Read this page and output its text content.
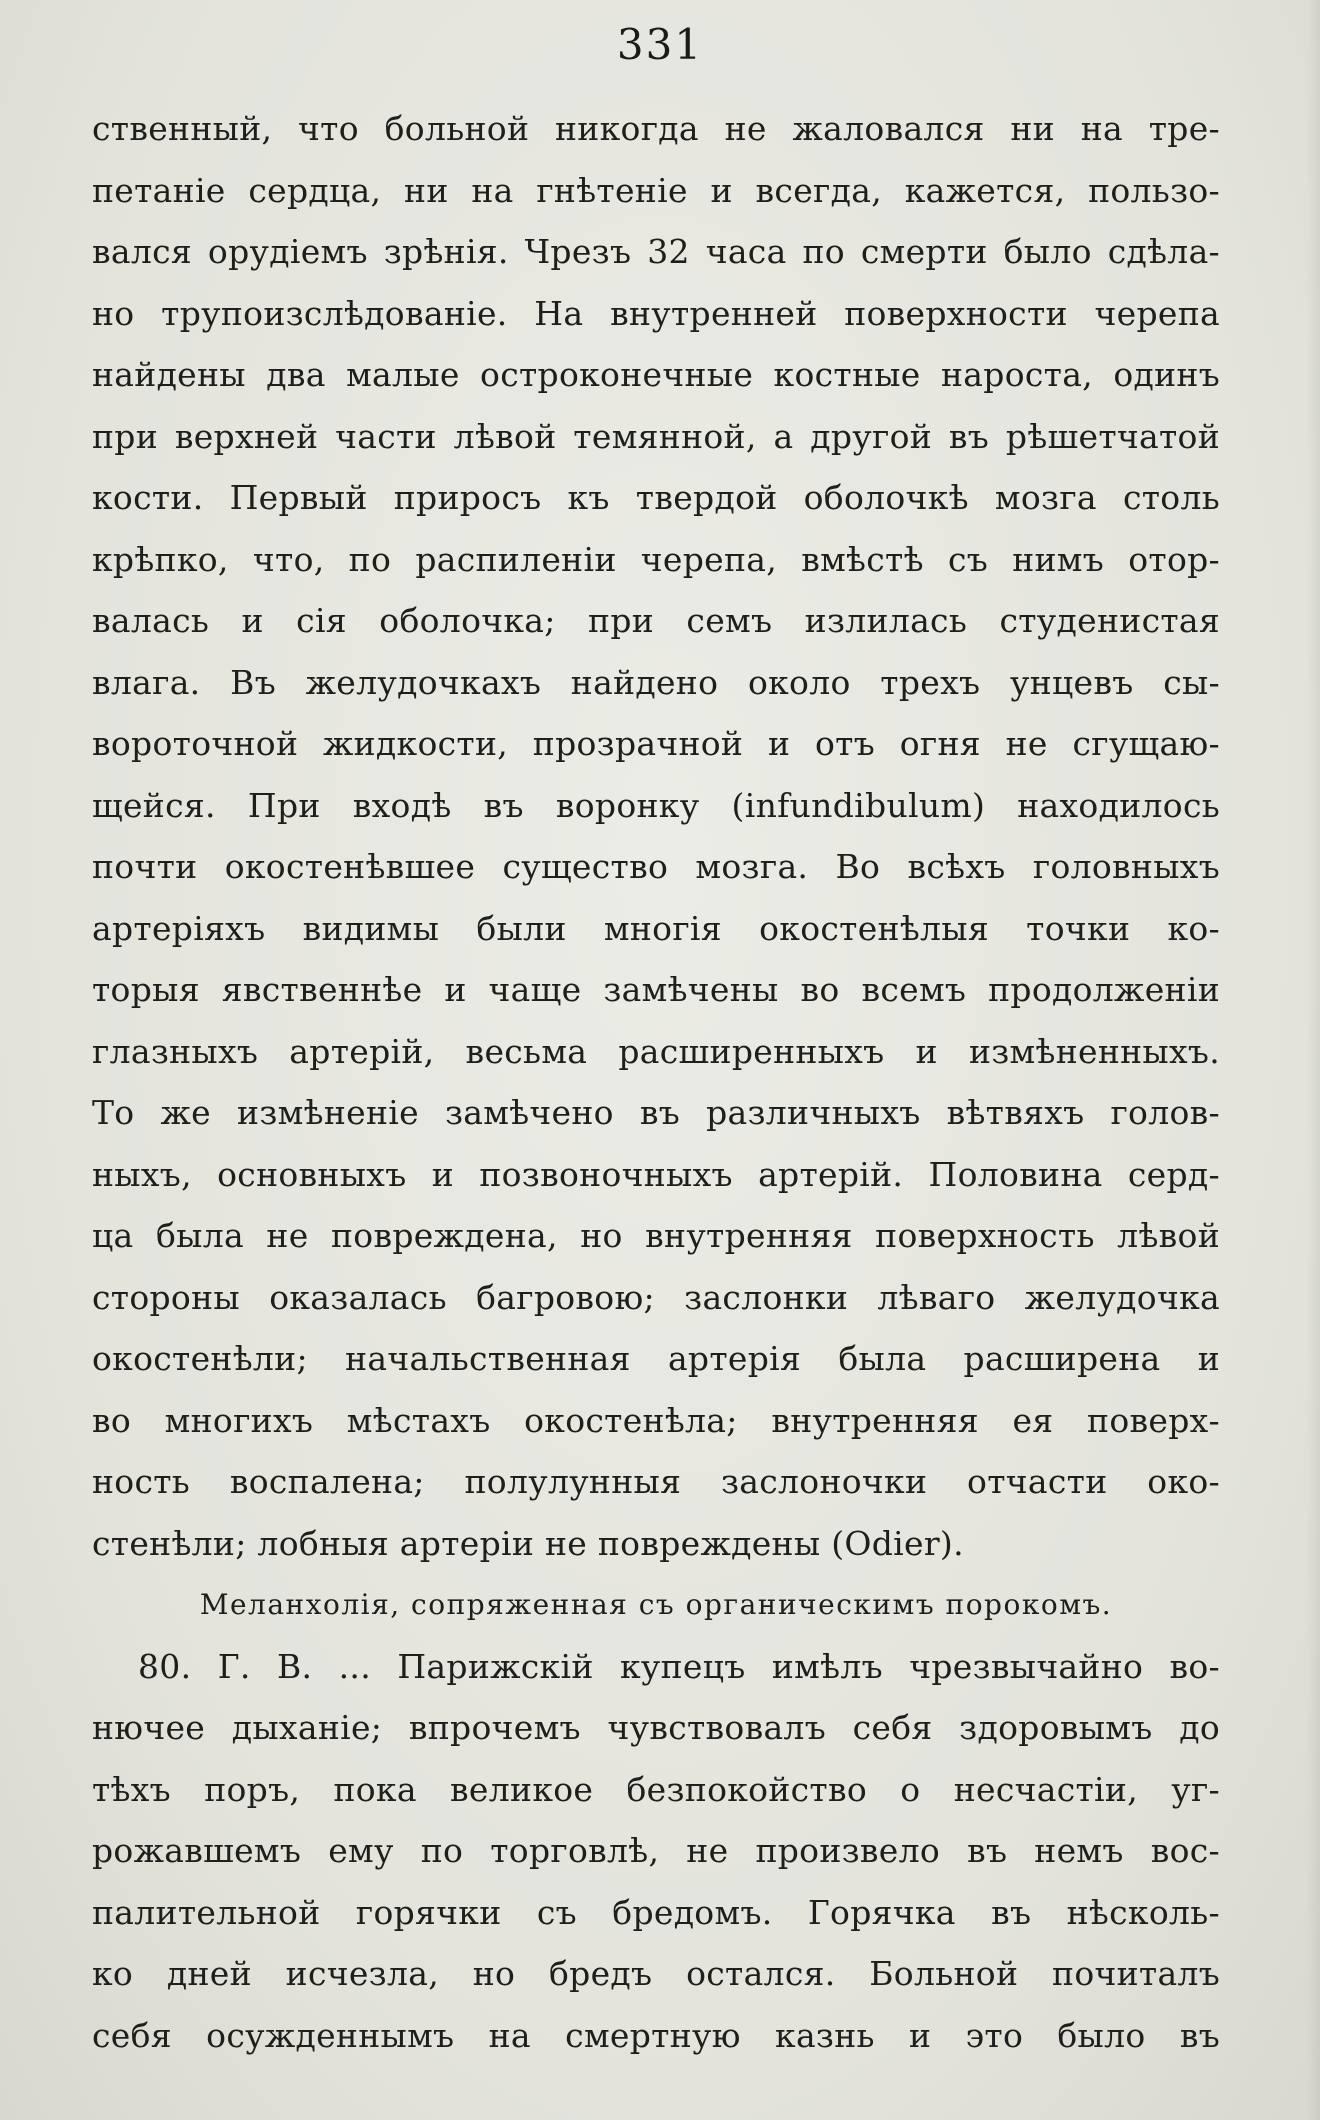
331
ственный, что больной никогда не жаловался ни на тре-
петаніе сердца, ни на гнѣтеніе и всегда, кажется, пользо-
вался орудіемъ зрѣнія. Чрезъ 32 часа по смерти было сдѣла-
но трупоизслѣдованіе. На внутренней поверхности черепа
найдены два малые остроконечные костные нароста, одинъ
при верхней части лѣвой темянной, а другой въ рѣшетчатой
кости. Первый приросъ къ твердой оболочкѣ мозга столь
крѣпко, что, по распиленіи черепа, вмѣстѣ съ нимъ отор-
валась и сія оболочка; при семъ излилась студенистая
влага. Въ желудочкахъ найдено около трехъ унцевъ сы-
вороточной жидкости, прозрачной и отъ огня не сгущаю-
щейся. При входѣ въ воронку (infundibulum) находилось
почти окостенѣвшее существо мозга. Во всѣхъ головныхъ
артеріяхъ видимы были многія окостенѣлыя точки ко-
торыя явственнѣе и чаще замѣчены во всемъ продолженіи
глазныхъ артерій, весьма расширенныхъ и измѣненныхъ.
То же измѣненіе замѣчено въ различныхъ вѣтвяхъ голов-
ныхъ, основныхъ и позвоночныхъ артерій. Половина серд-
ца была не повреждена, но внутренняя поверхность лѣвой
стороны оказалась багровою; заслонки лѣваго желудочка
окостенѣли; начальственная артерія была расширена и
во многихъ мѣстахъ окостенѣла; внутренняя ея поверх-
ность воспалена; полулунныя заслоночки отчасти око-
стенѣли; лобныя артеріи не повреждены (Odier).
Меланхолія, сопряженная съ органическимъ порокомъ.
80. Г. В. ... Парижскій купецъ имѣлъ чрезвычайно во-
нючее дыханіе; впрочемъ чувствовалъ себя здоровымъ до
тѣхъ поръ, пока великое безпокойство о несчастіи, уг-
рожавшемъ ему по торговлѣ, не произвело въ немъ вос-
палительной горячки съ бредомъ. Горячка въ нѣсколь-
ко дней исчезла, но бредъ остался. Больной почиталъ
себя осужденнымъ на смертную казнь и это было въ
